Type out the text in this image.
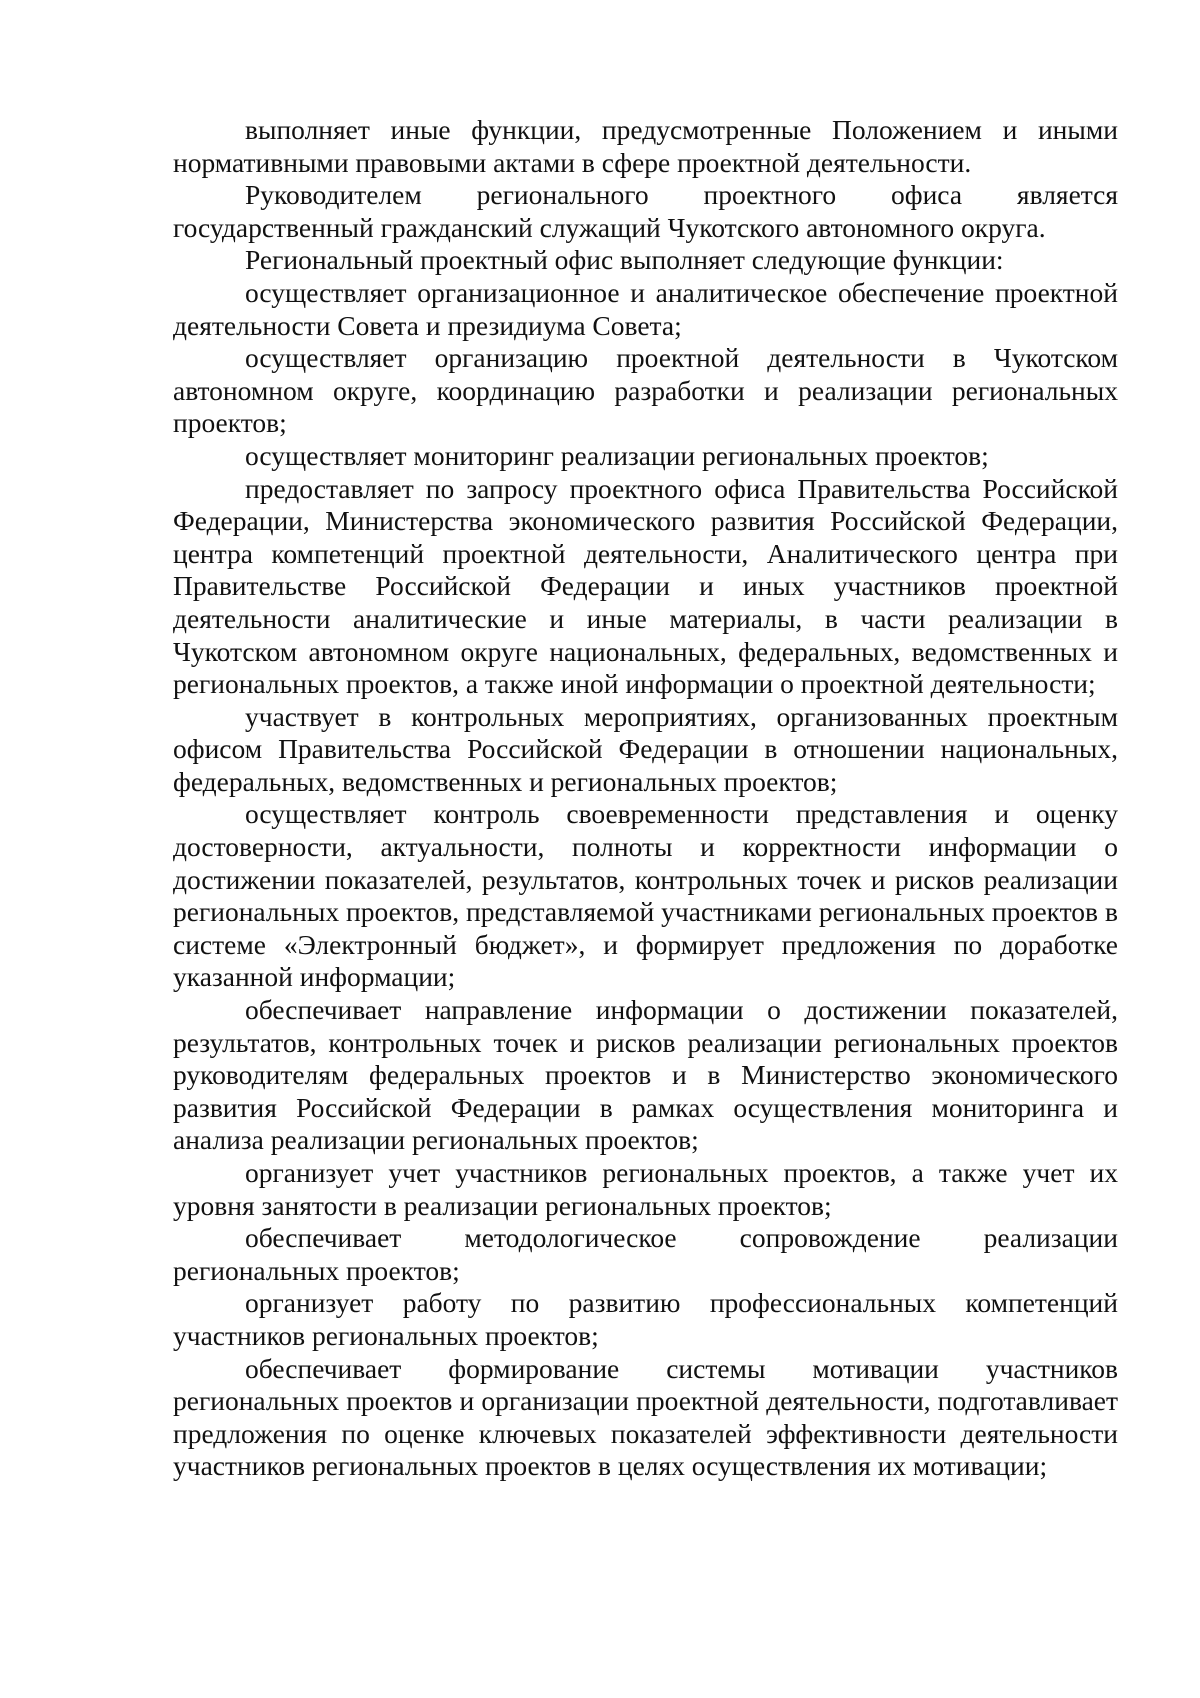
выполняет иные функции, предусмотренные Положением и иными нормативными правовыми актами в сфере проектной деятельности.

Руководителем регионального проектного офиса является государственный гражданский служащий Чукотского автономного округа.

Региональный проектный офис выполняет следующие функции:

осуществляет организационное и аналитическое обеспечение проектной деятельности Совета и президиума Совета;

осуществляет организацию проектной деятельности в Чукотском автономном округе, координацию разработки и реализации региональных проектов;

осуществляет мониторинг реализации региональных проектов;

предоставляет по запросу проектного офиса Правительства Российской Федерации, Министерства экономического развития Российской Федерации, центра компетенций проектной деятельности, Аналитического центра при Правительстве Российской Федерации и иных участников проектной деятельности аналитические и иные материалы, в части реализации в Чукотском автономном округе национальных, федеральных, ведомственных и региональных проектов, а также иной информации о проектной деятельности;

участвует в контрольных мероприятиях, организованных проектным офисом Правительства Российской Федерации в отношении национальных, федеральных, ведомственных и региональных проектов;

осуществляет контроль своевременности представления и оценку достоверности, актуальности, полноты и корректности информации о достижении показателей, результатов, контрольных точек и рисков реализации региональных проектов, представляемой участниками региональных проектов в системе «Электронный бюджет», и формирует предложения по доработке указанной информации;

обеспечивает направление информации о достижении показателей, результатов, контрольных точек и рисков реализации региональных проектов руководителям федеральных проектов и в Министерство экономического развития Российской Федерации в рамках осуществления мониторинга и анализа реализации региональных проектов;

организует учет участников региональных проектов, а также учет их уровня занятости в реализации региональных проектов;

обеспечивает методологическое сопровождение реализации региональных проектов;

организует работу по развитию профессиональных компетенций участников региональных проектов;

обеспечивает формирование системы мотивации участников региональных проектов и организации проектной деятельности, подготавливает предложения по оценке ключевых показателей эффективности деятельности участников региональных проектов в целях осуществления их мотивации;
